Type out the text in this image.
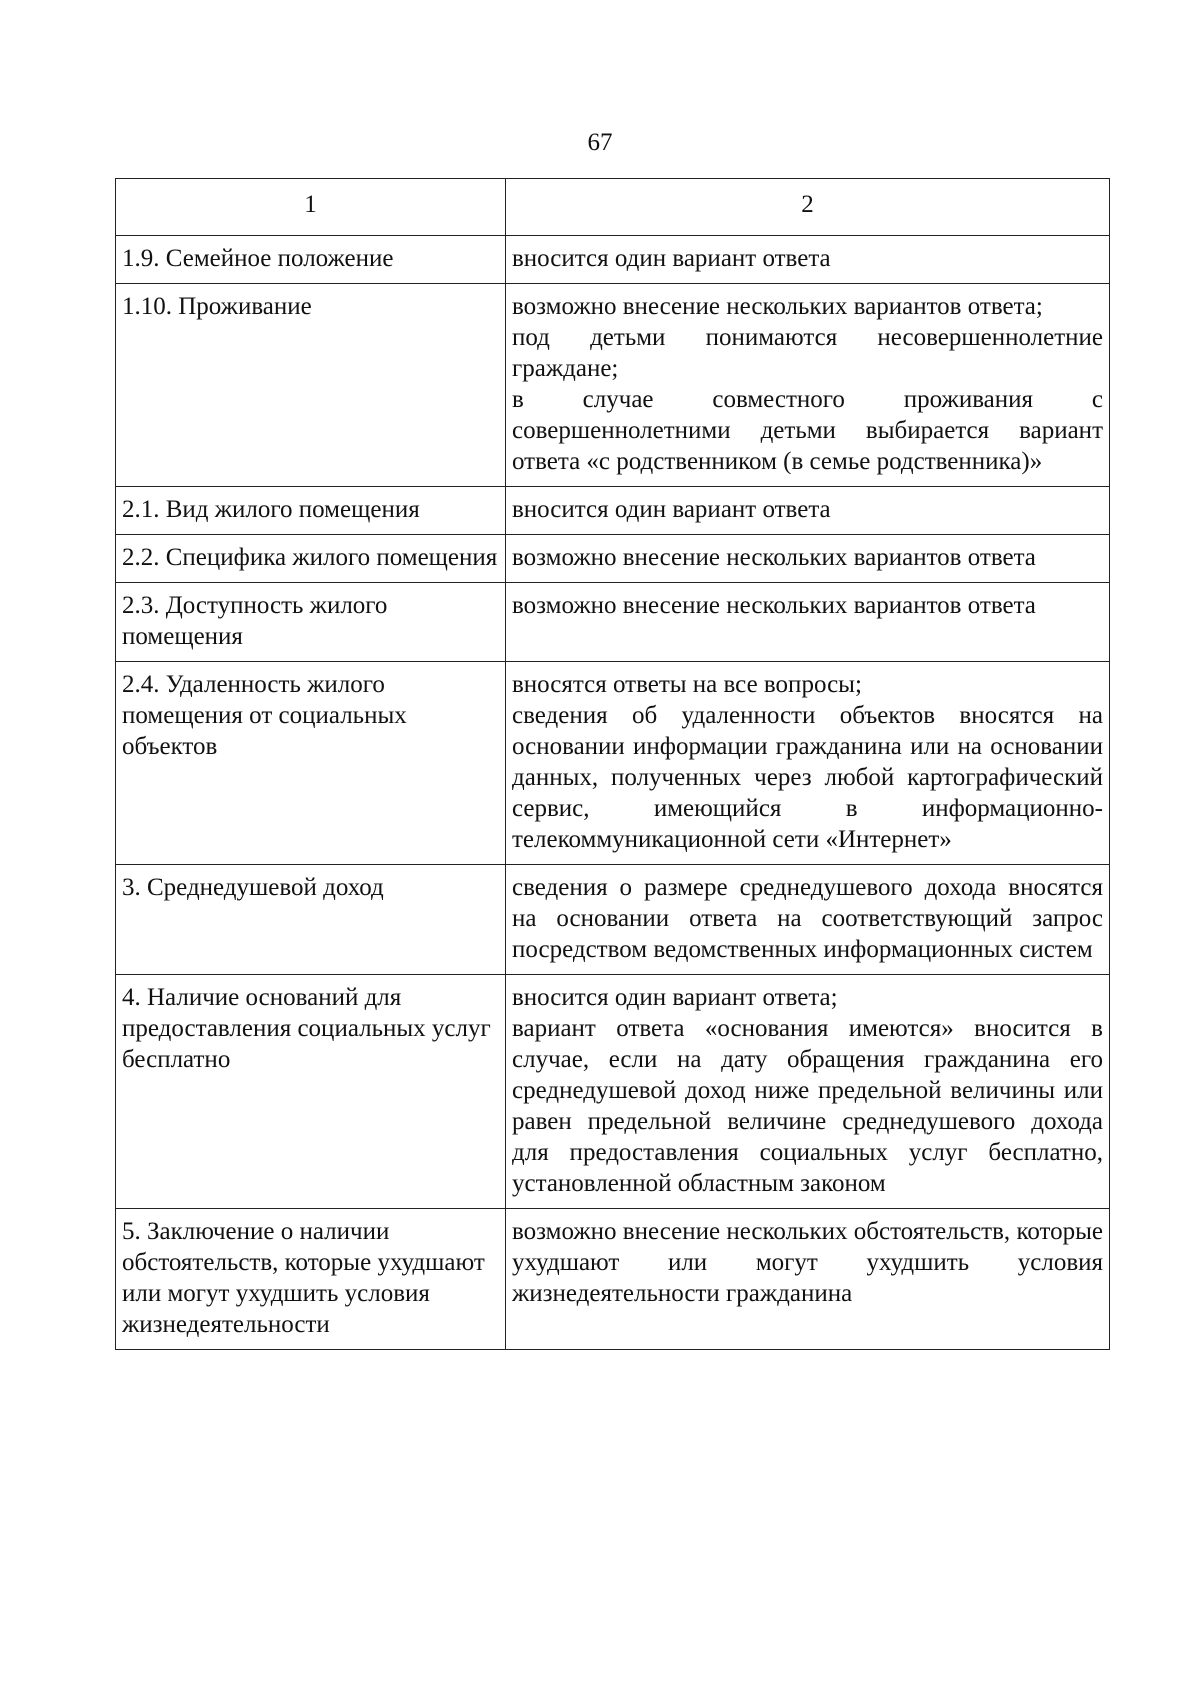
67
1	2
1.9. Семейное положение	вносится один вариант ответа

1.10. Проживание	возможно внесение нескольких вариантов ответа;
под детьми понимаются несовершеннолетние граждане;
в случае совместного проживания с совершеннолетними детьми выбирается вариант ответа «с родственником (в семье родственника)»

2.1. Вид жилого помещения	вносится один вариант ответа

2.2. Специфика жилого помещения	возможно внесение нескольких вариантов ответа

2.3. Доступность жилого помещения	возможно внесение нескольких вариантов ответа

2.4. Удаленность жилого помещения от социальных объектов	вносятся ответы на все вопросы;
сведения об удаленности объектов вносятся на основании информации гражданина или на основании данных, полученных через любой картографический сервис, имеющийся в информационно-телекоммуникационной сети «Интернет»

3. Среднедушевой доход	сведения о размере среднедушевого дохода вносятся на основании ответа на соответствующий запрос посредством ведомственных информационных систем

4. Наличие оснований для предоставления социальных услуг бесплатно	вносится один вариант ответа;
вариант ответа «основания имеются» вносится в случае, если на дату обращения гражданина его среднедушевой доход ниже предельной величины или равен предельной величине среднедушевого дохода для предоставления социальных услуг бесплатно, установленной областным законом

5. Заключение о наличии обстоятельств, которые ухудшают или могут ухудшить условия жизнедеятельности	возможно внесение нескольких обстоятельств, которые ухудшают или могут ухудшить условия жизнедеятельности гражданина
